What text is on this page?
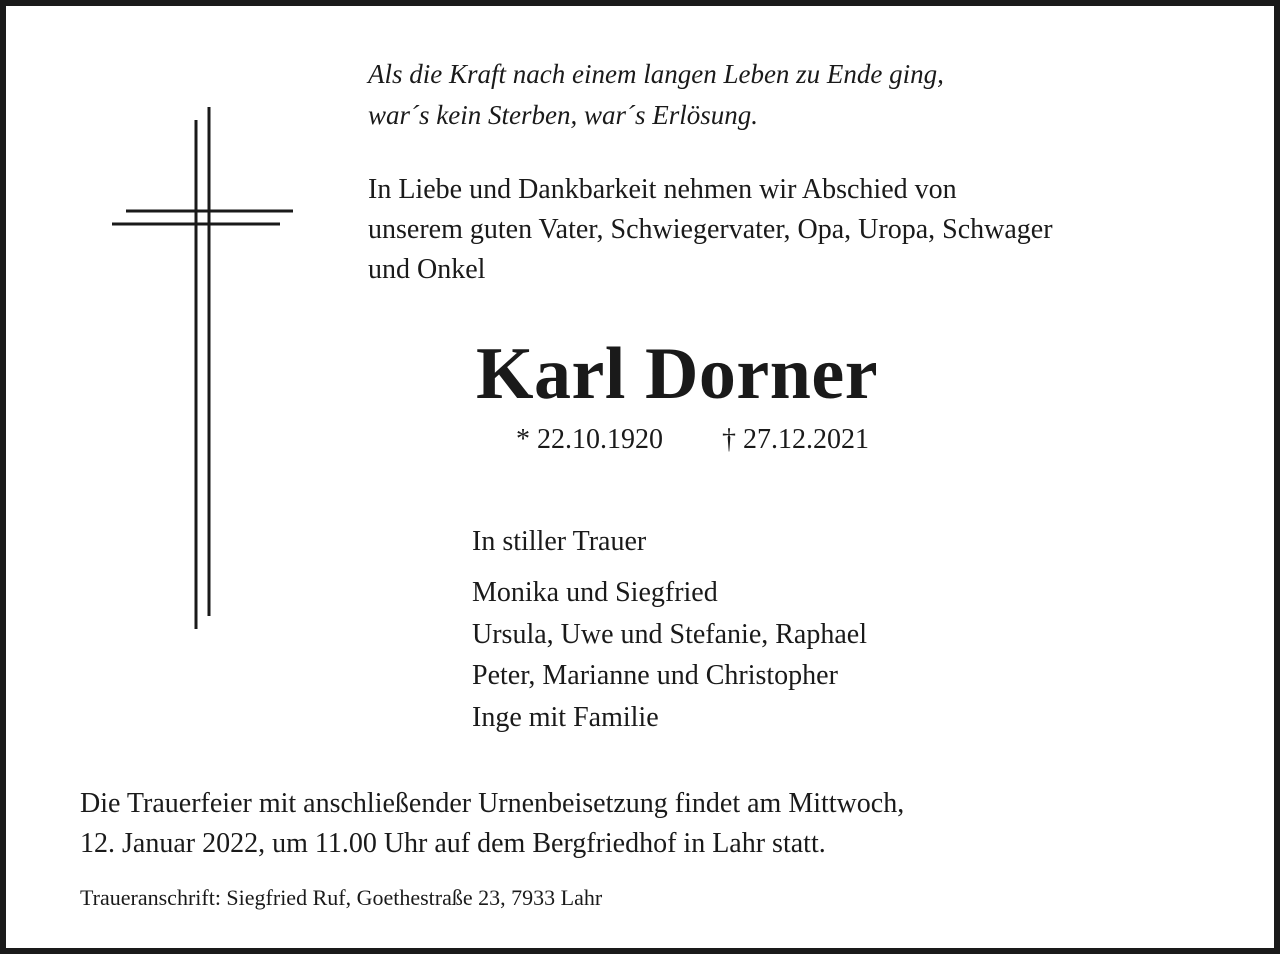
Als die Kraft nach einem langen Leben zu Ende ging,
war´s kein Sterben, war´s Erlösung.
In Liebe und Dankbarkeit nehmen wir Abschied von
unserem guten Vater, Schwiegervater, Opa, Uropa, Schwager
und Onkel
Karl Dorner
* 22.10.1920 † 27.12.2021
In stiller Trauer
Monika und Siegfried
Ursula, Uwe und Stefanie, Raphael
Peter, Marianne und Christopher
Inge mit Familie
Die Trauerfeier mit anschließender Urnenbeisetzung findet am Mittwoch,
12. Januar 2022, um 11.00 Uhr auf dem Bergfriedhof in Lahr statt.
Traueranschrift: Siegfried Ruf, Goethestraße 23, 7933 Lahr
